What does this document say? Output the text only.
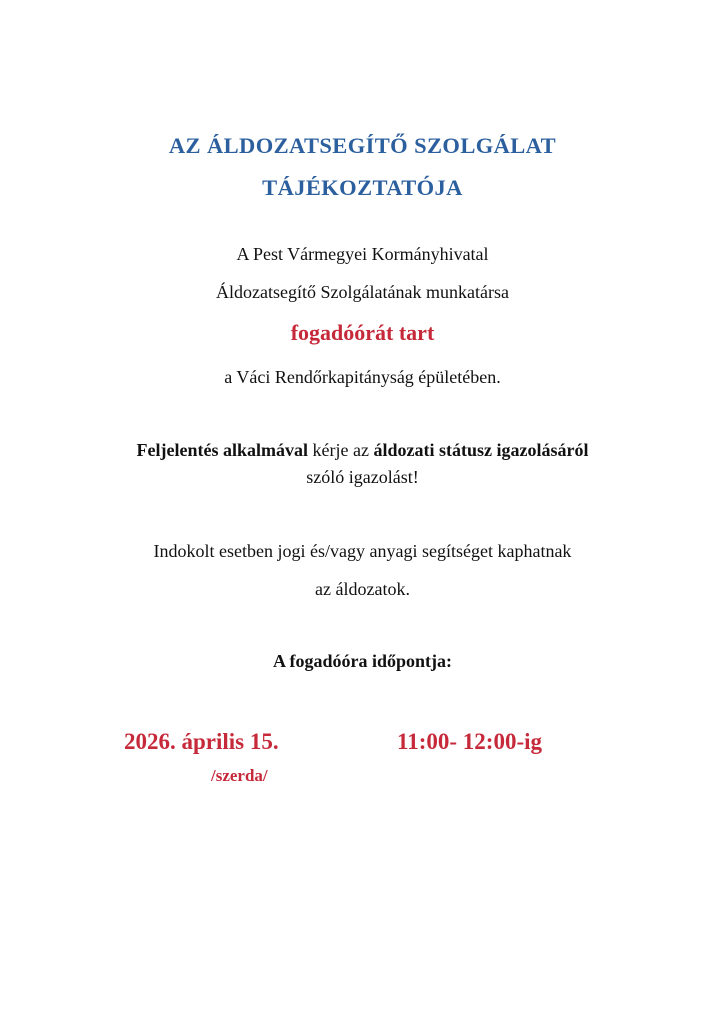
AZ ÁLDOZATSEGÍTŐ SZOLGÁLAT
TÁJÉKOZTATÓJA
A Pest Vármegyei Kormányhivatal
Áldozatsegítő Szolgálatának munkatársa
fogadóórát tart
a Váci Rendőrkapitányság épületében.
Feljelentés alkalmával kérje az áldozati státusz igazolásáról
szóló igazolást!
Indokolt esetben jogi és/vagy anyagi segítséget kaphatnak
az áldozatok.
A fogadóóra időpontja:
2026. április 15.	11:00- 12:00-ig
/szerda/
